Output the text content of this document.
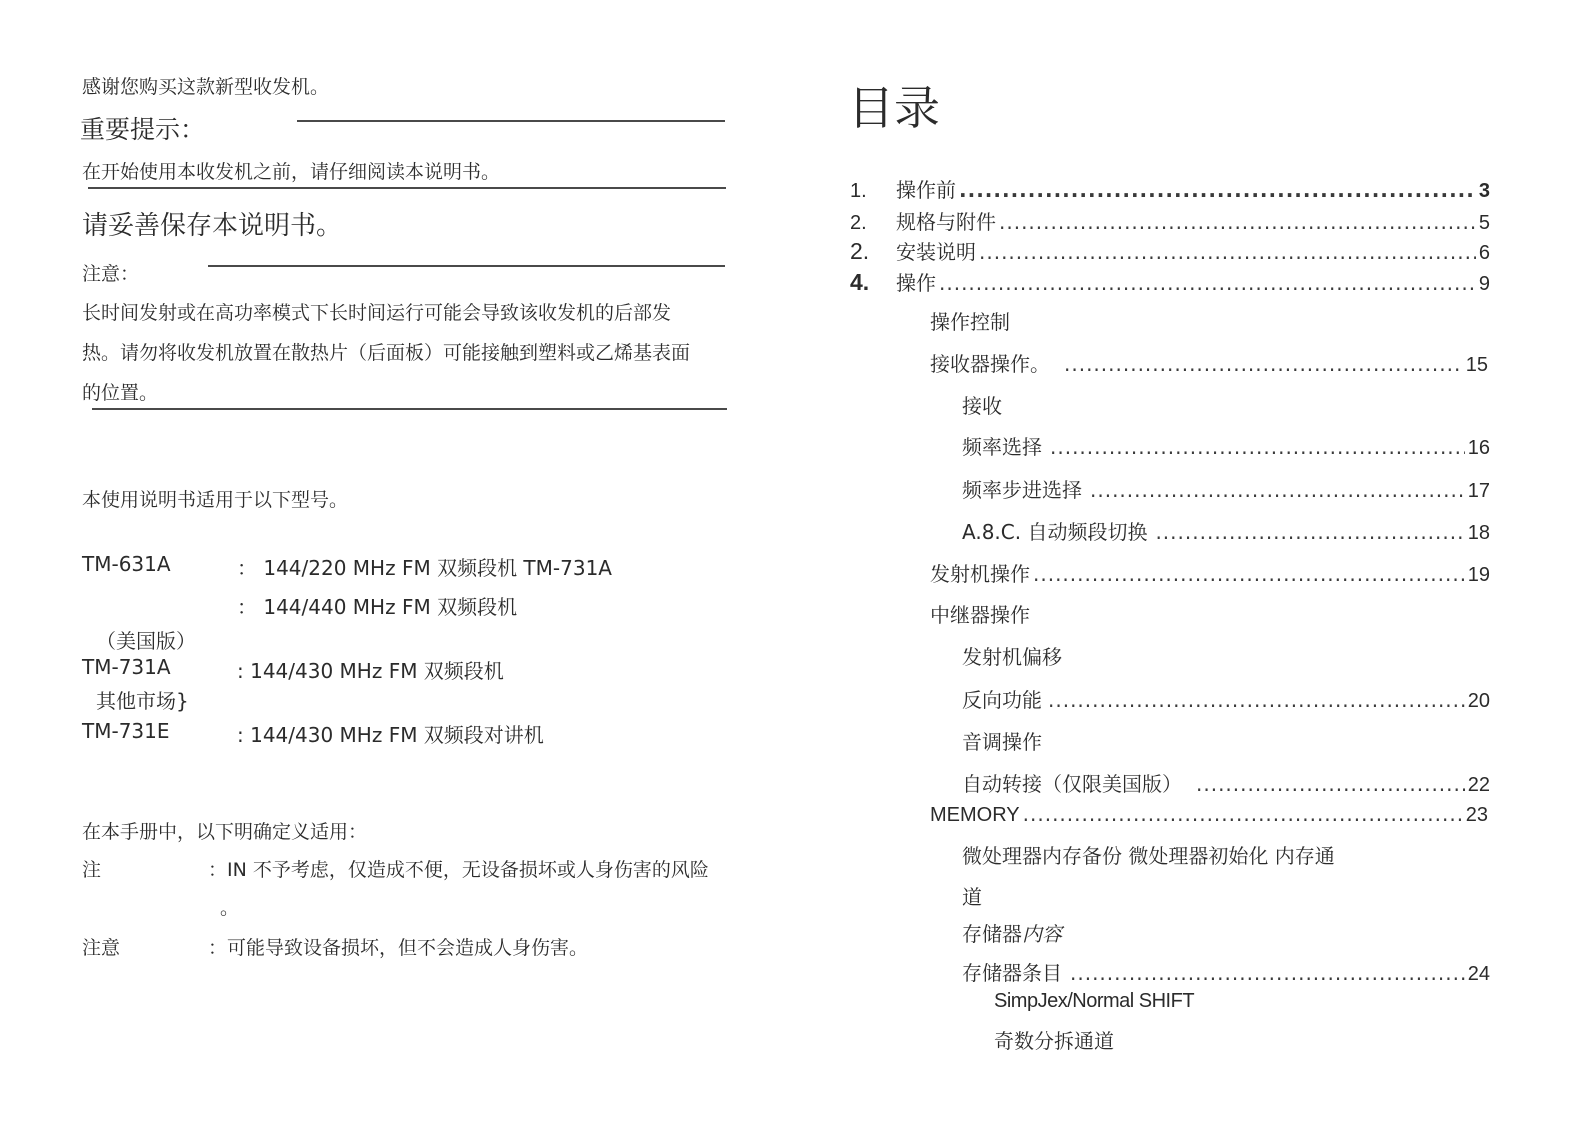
感谢您购买这款新型收发机。
重要提示：
在开始使用本收发机之前，请仔细阅读本说明书。
请妥善保存本说明书。
注意：
长时间发射或在高功率模式下长时间运行可能会导致该收发机的后部发
热。请勿将收发机放置在散热片（后面板）可能接触到塑料或乙烯基表面
的位置。
本使用说明书适用于以下型号。
TM-631A	： 144/220 MHz FM 双频段机 TM-731A
： 144/440 MHz FM 双频段机
（美国版）
TM-731A	: 144/430 MHz FM 双频段机
其他市场}
TM-731E	: 144/430 MHz FM 双频段对讲机
在本手册中，以下明确定义适用：
注	：IN 不予考虑，仅造成不便，无设备损坏或人身伤害的风险
。
注意	：可能导致设备损坏，但不会造成人身伤害。
目录
1.	操作前 .....	3
2.	规格与附件 .....	5
2.	安装说明 .....	6
4.	操作 .....	9
操作控制
接收器操作。 .....	15
接收
频率选择 .....	16
频率步进选择 .....	17
A.8.C. 自动频段切换 .....	18
发射机操作 .....	19
中继器操作
发射机偏移
反向功能 .....	20
音调操作
自动转接（仅限美国版） .....	22
MEMORY .....	23
微处理器内存备份 微处理器初始化 内存通
道
存储器内容
存储器条目 .....	24
SimpJex/Normal SHIFT
奇数分拆通道
